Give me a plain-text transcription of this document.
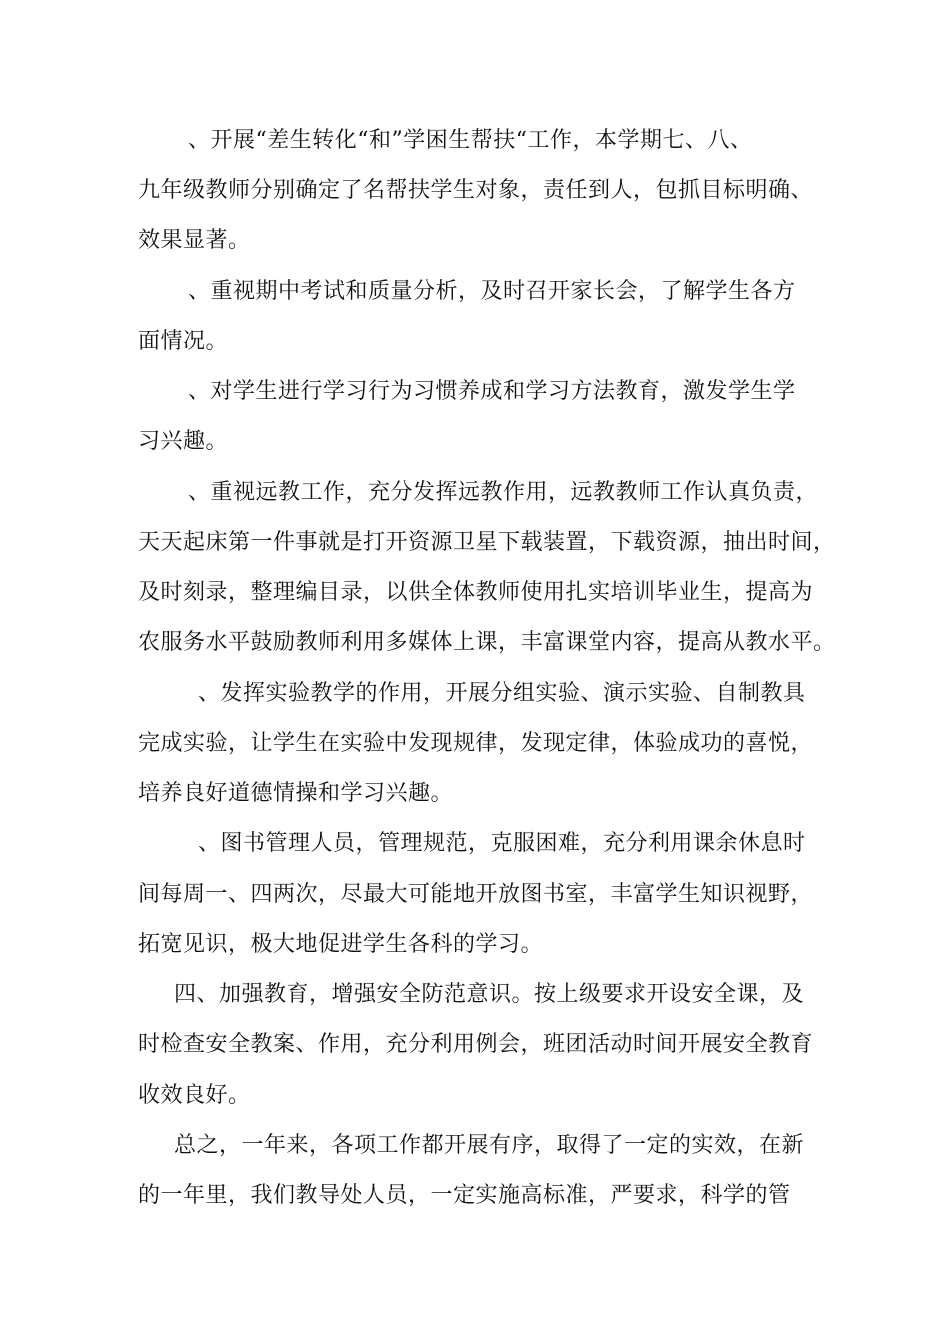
、开展“差生转化“和”学困生帮扶“工作，本学期七、八、
九年级教师分别确定了名帮扶学生对象，责任到人，包抓目标明确、
效果显著。
、重视期中考试和质量分析，及时召开家长会，了解学生各方
面情况。
、对学生进行学习行为习惯养成和学习方法教育，激发学生学
习兴趣。
、重视远教工作，充分发挥远教作用，远教教师工作认真负责，
天天起床第一件事就是打开资源卫星下载装置，下载资源，抽出时间，
及时刻录，整理编目录，以供全体教师使用扎实培训毕业生，提高为
农服务水平鼓励教师利用多媒体上课，丰富课堂内容，提高从教水平。
、发挥实验教学的作用，开展分组实验、演示实验、自制教具
完成实验，让学生在实验中发现规律，发现定律，体验成功的喜悦，
培养良好道德情操和学习兴趣。
、图书管理人员，管理规范，克服困难，充分利用课余休息时
间每周一、四两次，尽最大可能地开放图书室，丰富学生知识视野，
拓宽见识，极大地促进学生各科的学习。
四、加强教育，增强安全防范意识。按上级要求开设安全课，及
时检查安全教案、作用，充分利用例会，班团活动时间开展安全教育
收效良好。
总之，一年来，各项工作都开展有序，取得了一定的实效，在新
的一年里，我们教导处人员，一定实施高标准，严要求，科学的管
